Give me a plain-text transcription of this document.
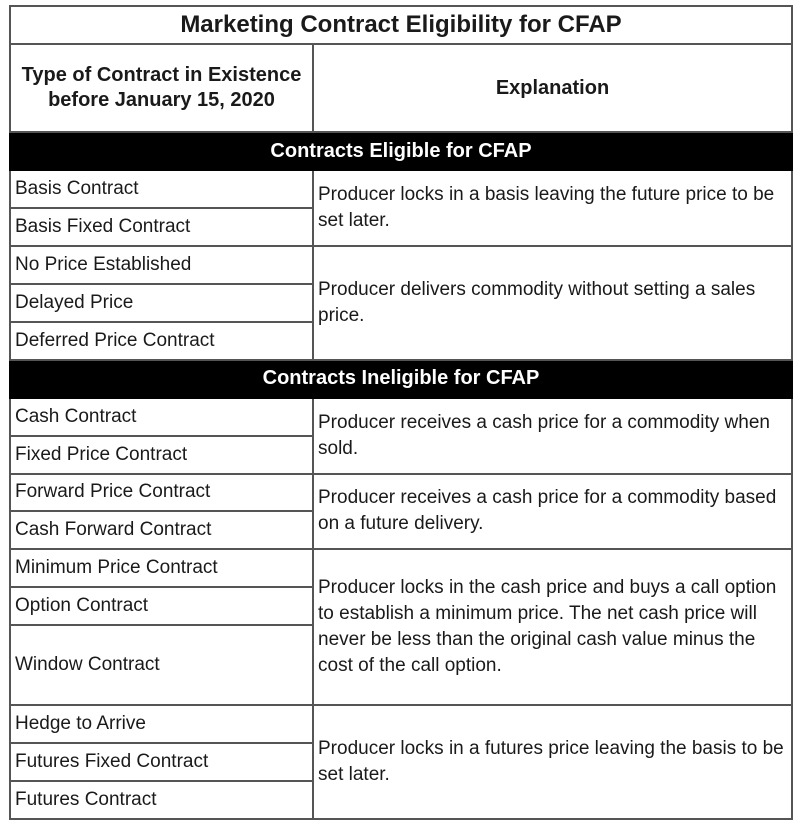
Marketing Contract Eligibility for CFAP	
Type of Contract in Existence before January 15, 2020	Explanation
Contracts Eligible for CFAP	
Basis Contract	Producer locks in a basis leaving the future price to be set later.
Basis Fixed Contract	
No Price Established	Producer delivers commodity without setting a sales price.
Delayed Price	
Deferred Price Contract	
Contracts Ineligible for CFAP	
Cash Contract	Producer receives a cash price for a commodity when sold.
Fixed Price Contract	
Forward Price Contract	Producer receives a cash price for a commodity based on a future delivery.
Cash Forward Contract	
Minimum Price Contract	Producer locks in the cash price and buys a call option to establish a minimum price. The net cash price will never be less than the original cash value minus the cost of the call option.
Option Contract	
Window Contract	
Hedge to Arrive	Producer locks in a futures price leaving the basis to be set later.
Futures Fixed Contract	
Futures Contract	
